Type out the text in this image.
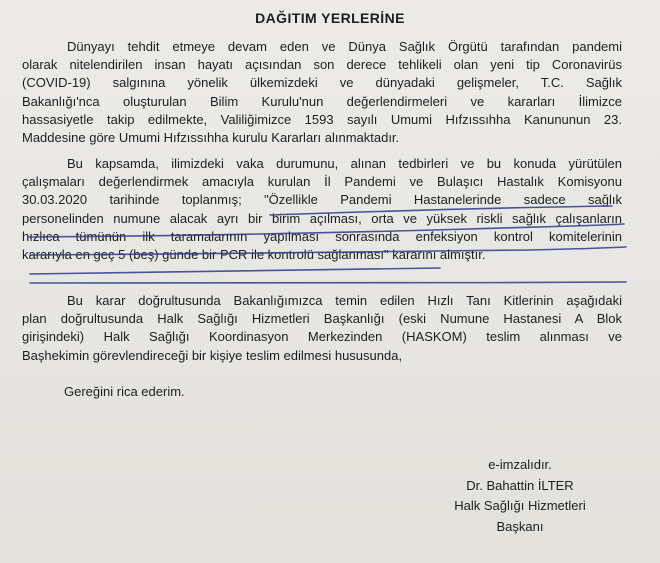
DAĞITIM YERLERİNE
Dünyayı tehdit etmeye devam eden ve Dünya Sağlık Örgütü tarafından pandemi
olarak nitelendirilen insan hayatı açısından son derece tehlikeli olan yeni tip Coronavirüs
(COVID-19) salgınına yönelik ülkemizdeki ve dünyadaki gelişmeler, T.C. Sağlık
Bakanlığı'nca oluşturulan Bilim Kurulu'nun değerlendirmeleri ve kararları İlimizce
hassasiyetle takip edilmekte, Valiliğimizce 1593 sayılı Umumi Hıfzıssıhha Kanununun 23.
Maddesine göre Umumi Hıfzıssıhha kurulu Kararları alınmaktadır.
Bu kapsamda, ilimizdeki vaka durumunu, alınan tedbirleri ve bu konuda yürütülen
çalışmaları değerlendirmek amacıyla kurulan İl Pandemi ve Bulaşıcı Hastalık Komisyonu
30.03.2020 tarihinde toplanmış; "Özellikle Pandemi Hastanelerinde sadece sağlık
personelinden numune alacak ayrı bir birim açılması, orta ve yüksek riskli sağlık çalışanların
hızlıca tümünün ilk taramalarının yapılması sonrasında enfeksiyon kontrol komitelerinin
kararıyla en geç 5 (beş) günde bir PCR ile kontrolü sağlanması" kararını almıştır.
Bu karar doğrultusunda Bakanlığımızca temin edilen Hızlı Tanı Kitlerinin aşağıdaki
plan doğrultusunda Halk Sağlığı Hizmetleri Başkanlığı (eski Numune Hastanesi A Blok
girişindeki) Halk Sağlığı Koordinasyon Merkezinden (HASKOM) teslim alınması ve
Başhekimin görevlendireceği bir kişiye teslim edilmesi hususunda,
Gereğini rica ederim.
e-imzalıdır.
Dr. Bahattin İLTER
Halk Sağlığı Hizmetleri
Başkanı
